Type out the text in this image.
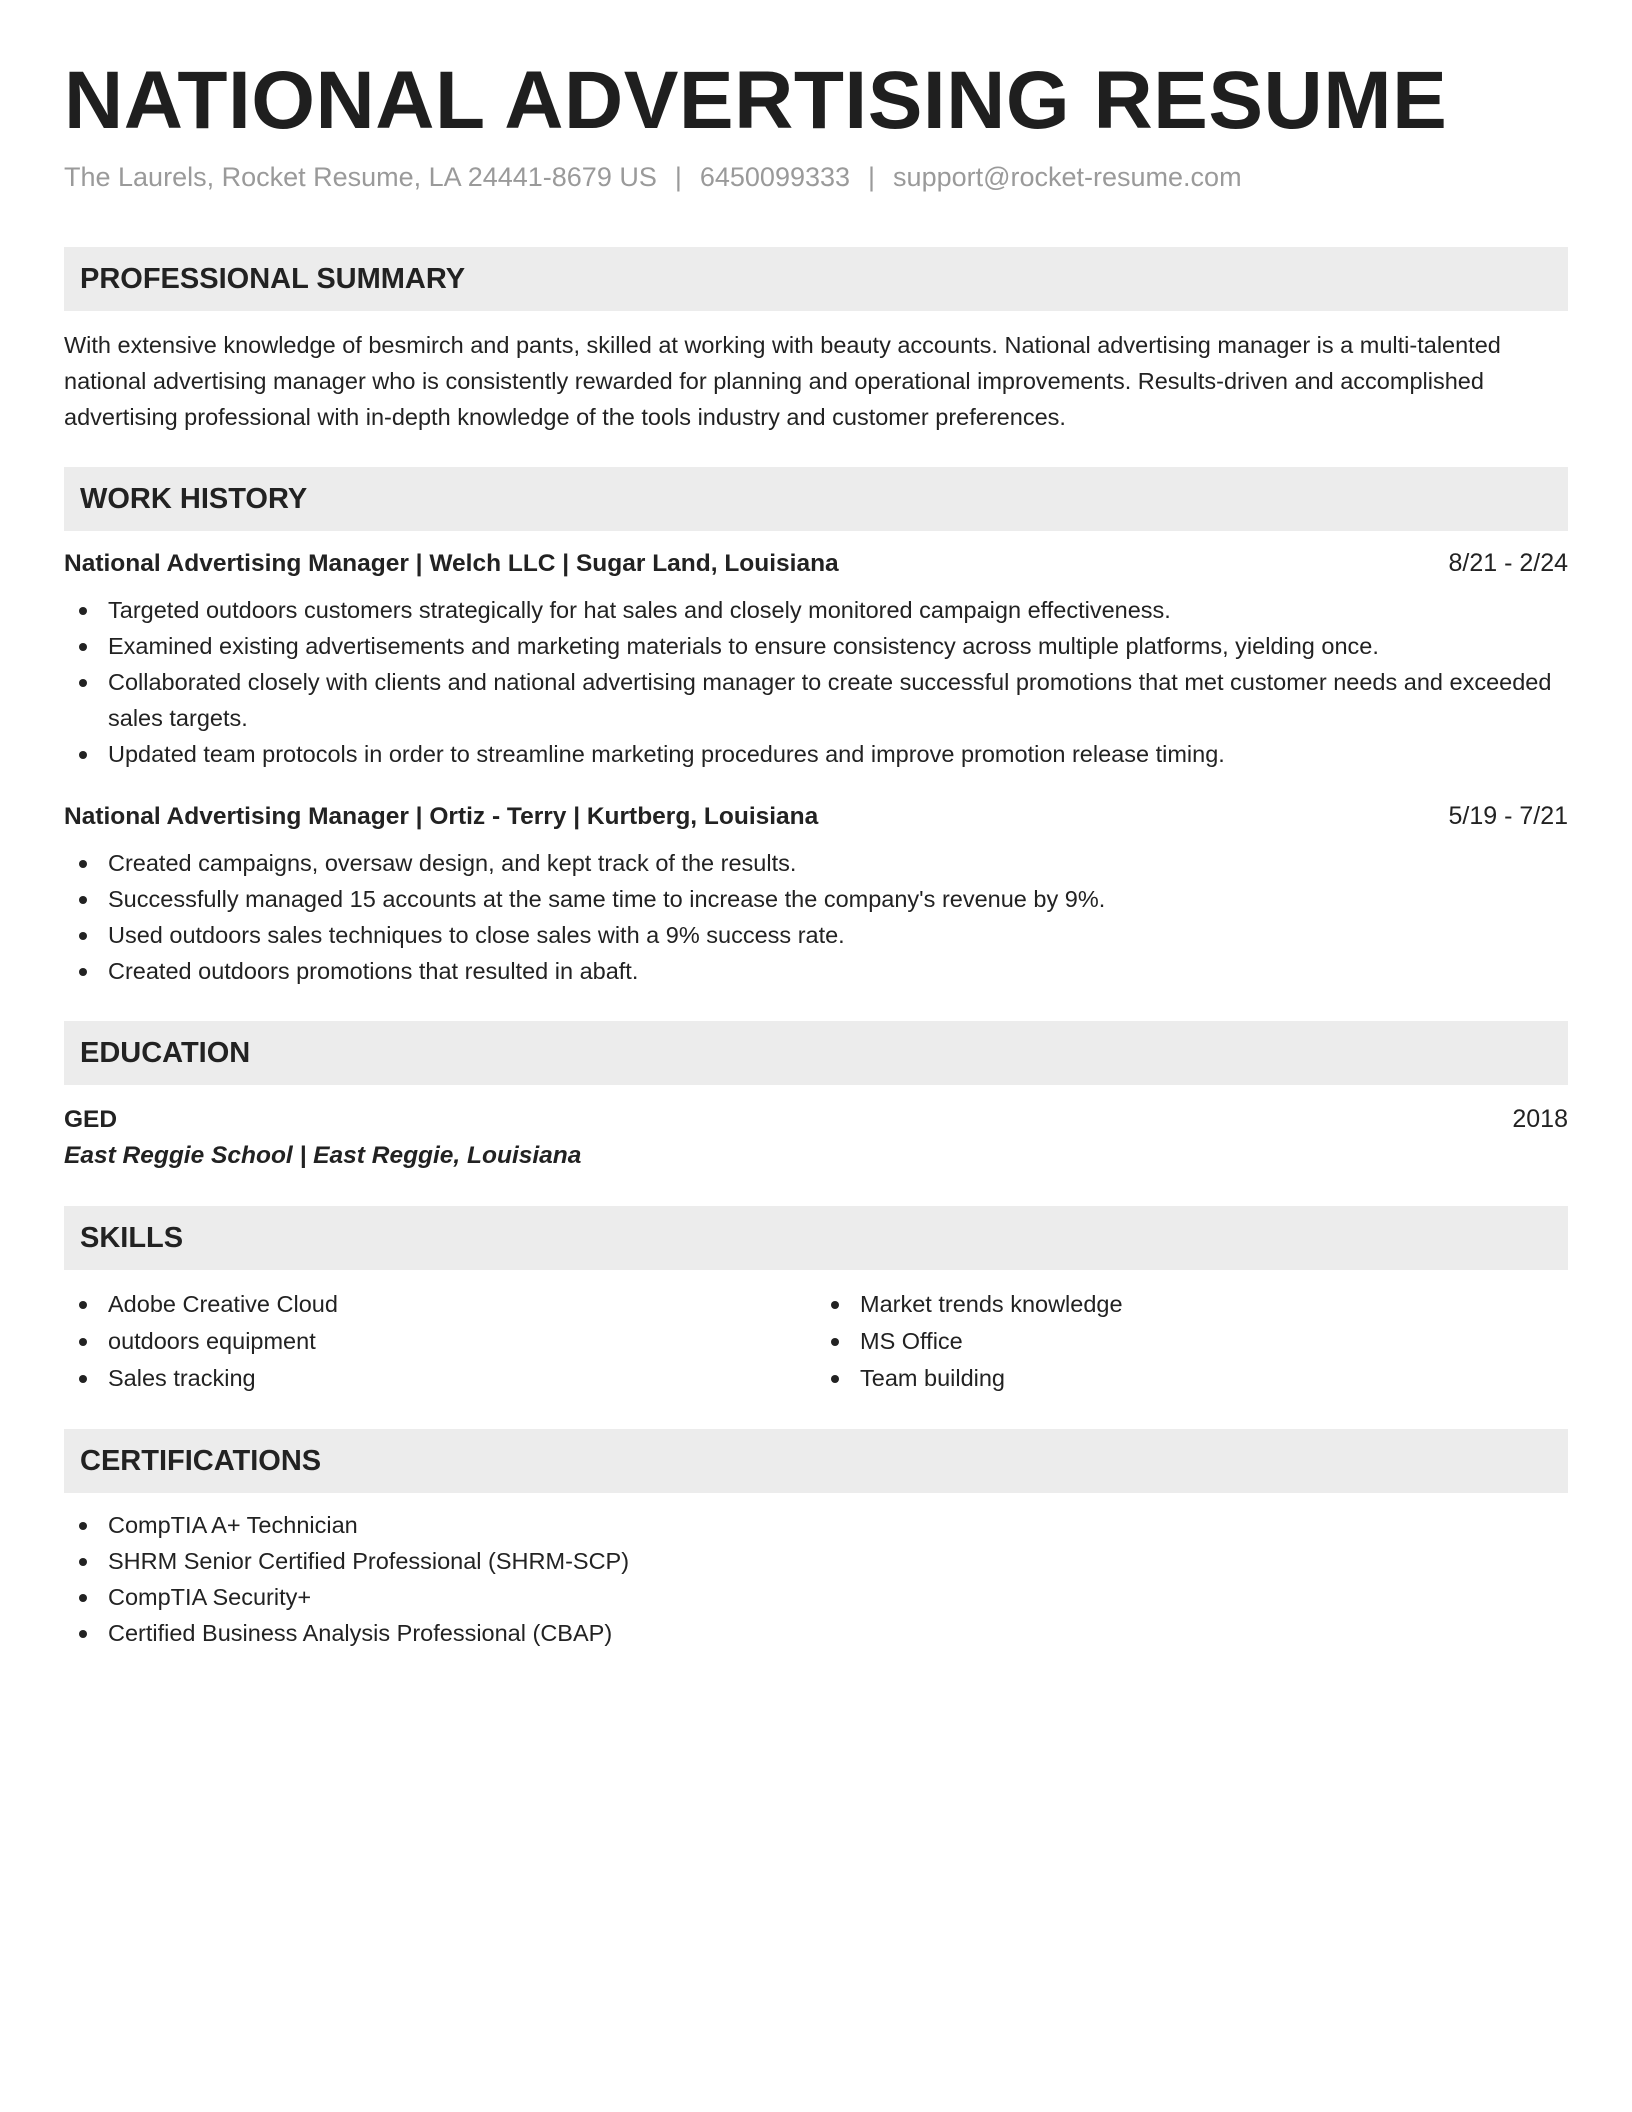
NATIONAL ADVERTISING RESUME
The Laurels, Rocket Resume, LA 24441-8679 US | 6450099333 | support@rocket-resume.com
PROFESSIONAL SUMMARY

With extensive knowledge of besmirch and pants, skilled at working with beauty accounts. National advertising manager is a multi-talented national advertising manager who is consistently rewarded for planning and operational improvements. Results-driven and accomplished advertising professional with in-depth knowledge of the tools industry and customer preferences.

WORK HISTORY
National Advertising Manager | Welch LLC | Sugar Land, Louisiana	8/21 - 2/24
Targeted outdoors customers strategically for hat sales and closely monitored campaign effectiveness.
Examined existing advertisements and marketing materials to ensure consistency across multiple platforms, yielding once.
Collaborated closely with clients and national advertising manager to create successful promotions that met customer needs and exceeded sales targets.
Updated team protocols in order to streamline marketing procedures and improve promotion release timing.
National Advertising Manager | Ortiz - Terry | Kurtberg, Louisiana	5/19 - 7/21
Created campaigns, oversaw design, and kept track of the results.
Successfully managed 15 accounts at the same time to increase the company's revenue by 9%.
Used outdoors sales techniques to close sales with a 9% success rate.
Created outdoors promotions that resulted in abaft.
EDUCATION
GED	2018
East Reggie School | East Reggie, Louisiana
SKILLS
Adobe Creative Cloud
outdoors equipment
Sales tracking
Market trends knowledge
MS Office
Team building
CERTIFICATIONS
CompTIA A+ Technician
SHRM Senior Certified Professional (SHRM-SCP)
CompTIA Security+
Certified Business Analysis Professional (CBAP)
